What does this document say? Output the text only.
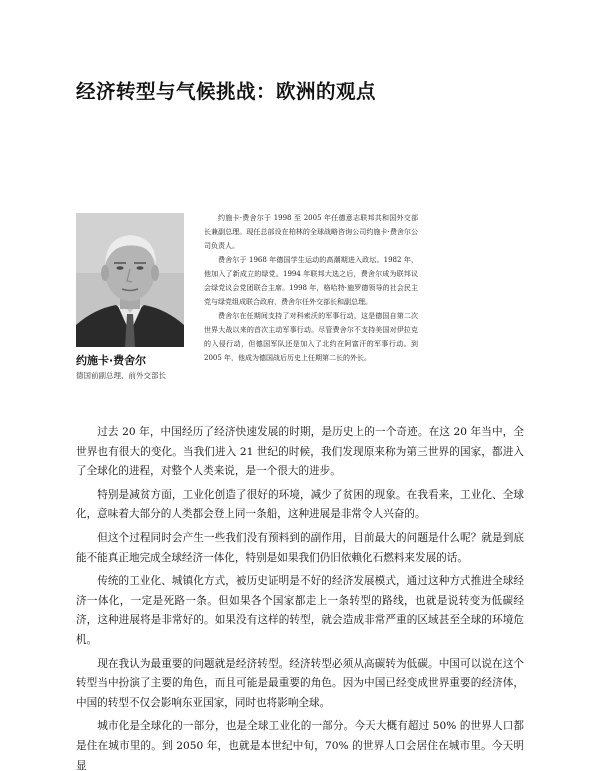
经济转型与气候挑战：欧洲的观点
约施卡·费舍尔
德国前副总理、前外交部长

约施卡·费舍尔于 1998 至 2005 年任德意志联邦共和国外交部长兼副总理。现任总部设在柏林的全球战略咨询公司约施卡·费舍尔公司负责人。

费舍尔于 1968 年德国学生运动的高潮期进入政坛。1982 年，他加入了新成立的绿党。1994 年联邦大选之后，费舍尔成为联邦议会绿党议会党团联合主席。1998 年，格哈特·施罗德领导的社会民主党与绿党组成联合政府，费舍尔任外交部长和副总理。

费舍尔在任期间支持了对科索沃的军事行动，这是德国自第二次世界大战以来的首次主动军事行动。尽管费舍尔不支持美国对伊拉克的入侵行动，但德国军队还是加入了北约在阿富汗的军事行动。到 2005 年，他成为德国战后历史上任期第二长的外长。

过去 20 年，中国经历了经济快速发展的时期，是历史上的一个奇迹。在这 20 年当中，全世界也有很大的变化。当我们进入 21 世纪的时候，我们发现原来称为第三世界的国家，都进入了全球化的进程，对整个人类来说，是一个很大的进步。

特别是减贫方面，工业化创造了很好的环境，减少了贫困的现象。在我看来，工业化、全球化，意味着大部分的人类都会登上同一条船，这种进展是非常令人兴奋的。

但这个过程同时会产生一些我们没有预料到的副作用，目前最大的问题是什么呢？就是到底能不能真正地完成全球经济一体化，特别是如果我们仍旧依赖化石燃料来发展的话。

传统的工业化、城镇化方式，被历史证明是不好的经济发展模式，通过这种方式推进全球经济一体化，一定是死路一条。但如果各个国家都走上一条转型的路线，也就是说转变为低碳经济，这种进展将是非常好的。如果没有这样的转型，就会造成非常严重的区域甚至全球的环境危机。

现在我认为最重要的问题就是经济转型。经济转型必须从高碳转为低碳。中国可以说在这个转型当中扮演了主要的角色，而且可能是最重要的角色。因为中国已经变成世界重要的经济体，中国的转型不仅会影响东亚国家，同时也将影响全球。

城市化是全球化的一部分，也是全球工业化的一部分。今天大概有超过 50% 的世界人口都是住在城市里的。到 2050 年，也就是本世纪中旬，70% 的世界人口会居住在城市里。今天明显
